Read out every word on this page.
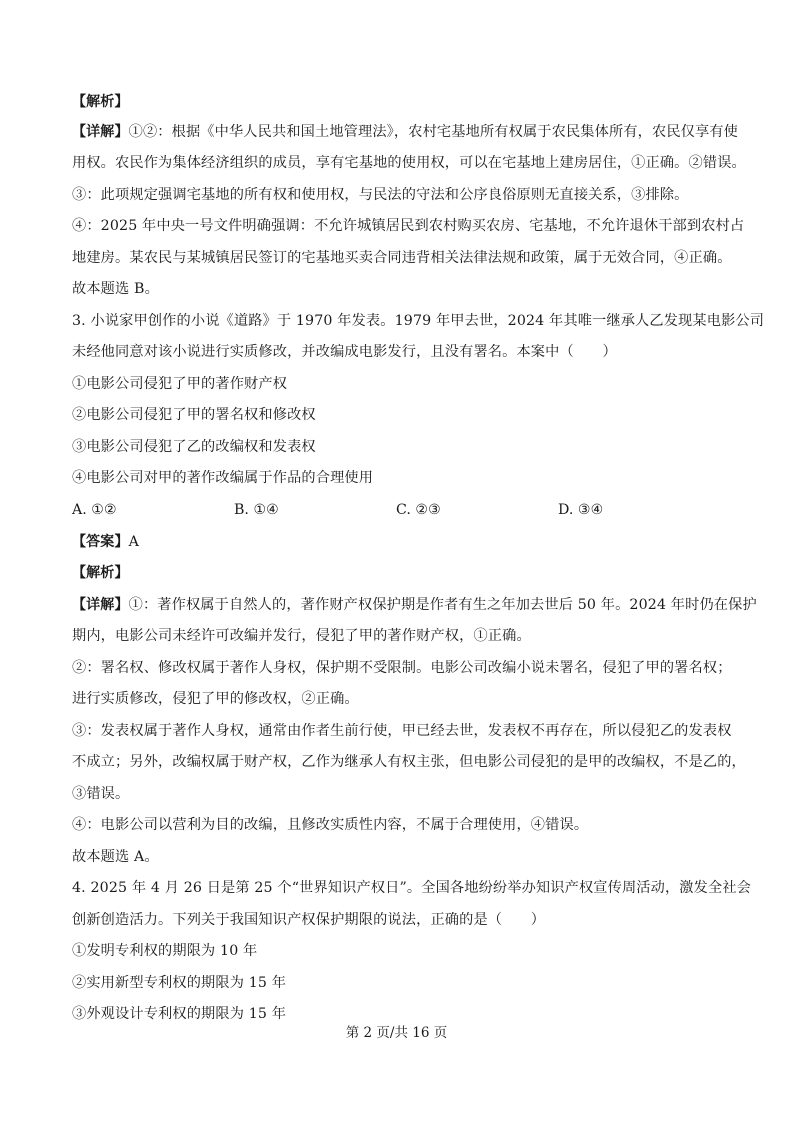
【解析】
【详解】①②：根据《中华人民共和国土地管理法》，农村宅基地所有权属于农民集体所有，农民仅享有使
用权。农民作为集体经济组织的成员，享有宅基地的使用权，可以在宅基地上建房居住，①正确。②错误。
③：此项规定强调宅基地的所有权和使用权，与民法的守法和公序良俗原则无直接关系，③排除。
④：2025 年中央一号文件明确强调：不允许城镇居民到农村购买农房、宅基地，不允许退休干部到农村占
地建房。某农民与某城镇居民签订的宅基地买卖合同违背相关法律法规和政策，属于无效合同，④正确。
故本题选 B。
3. 小说家甲创作的小说《道路》于 1970 年发表。1979 年甲去世，2024 年其唯一继承人乙发现某电影公司
未经他同意对该小说进行实质修改，并改编成电影发行，且没有署名。本案中（　　）
①电影公司侵犯了甲的著作财产权
②电影公司侵犯了甲的署名权和修改权
③电影公司侵犯了乙的改编权和发表权
④电影公司对甲的著作改编属于作品的合理使用
A. ①②	B. ①④	C. ②③	D. ③④
【答案】A
【解析】
【详解】①：著作权属于自然人的，著作财产权保护期是作者有生之年加去世后 50 年。2024 年时仍在保护
期内，电影公司未经许可改编并发行，侵犯了甲的著作财产权，①正确。
②：署名权、修改权属于著作人身权，保护期不受限制。电影公司改编小说未署名，侵犯了甲的署名权；
进行实质修改，侵犯了甲的修改权，②正确。
③：发表权属于著作人身权，通常由作者生前行使，甲已经去世，发表权不再存在，所以侵犯乙的发表权
不成立；另外，改编权属于财产权，乙作为继承人有权主张，但电影公司侵犯的是甲的改编权，不是乙的，
③错误。
④：电影公司以营利为目的改编，且修改实质性内容，不属于合理使用，④错误。
故本题选 A。
4. 2025 年 4 月 26 日是第 25 个“世界知识产权日”。全国各地纷纷举办知识产权宣传周活动，激发全社会
创新创造活力。下列关于我国知识产权保护期限的说法，正确的是（　　）
①发明专利权的期限为 10 年
②实用新型专利权的期限为 15 年
③外观设计专利权的期限为 15 年
第 2 页/共 16 页
